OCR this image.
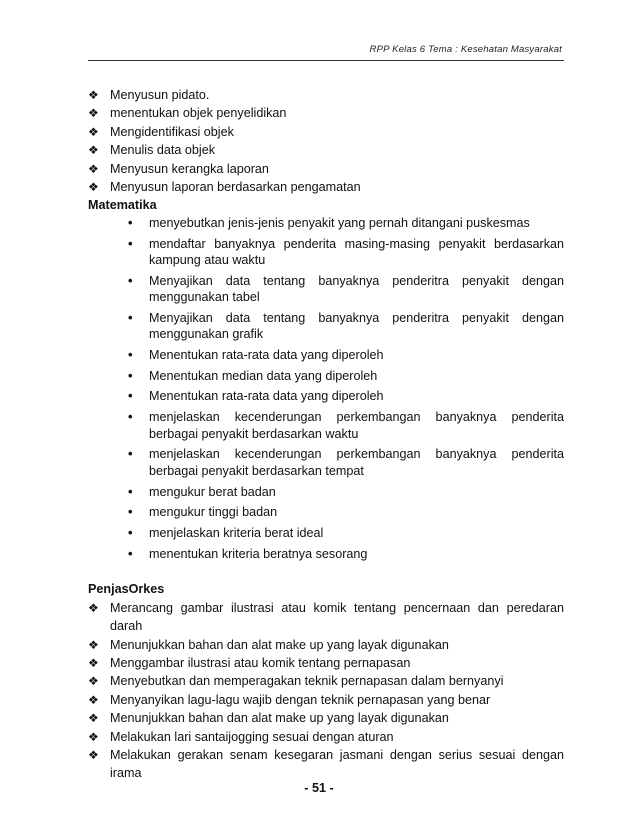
RPP Kelas 6 Tema : Kesehatan Masyarakat
❖ Menyusun pidato.
❖ menentukan objek penyelidikan
❖ Mengidentifikasi objek
❖ Menulis data objek
❖ Menyusun kerangka laporan
❖ Menyusun laporan berdasarkan pengamatan
Matematika
• menyebutkan jenis-jenis penyakit yang pernah ditangani puskesmas
• mendaftar banyaknya penderita masing-masing penyakit berdasarkan kampung atau waktu
• Menyajikan data tentang banyaknya penderitra penyakit dengan menggunakan tabel
• Menyajikan data tentang banyaknya penderitra penyakit dengan menggunakan grafik
• Menentukan rata-rata data yang diperoleh
• Menentukan median data yang diperoleh
• Menentukan rata-rata data yang diperoleh
• menjelaskan kecenderungan perkembangan banyaknya penderita berbagai penyakit berdasarkan waktu
• menjelaskan kecenderungan perkembangan banyaknya penderita berbagai penyakit berdasarkan tempat
• mengukur berat badan
• mengukur tinggi badan
• menjelaskan kriteria berat ideal
• menentukan kriteria beratnya sesorang
PenjasOrkes
❖ Merancang gambar ilustrasi atau komik tentang pencernaan dan peredaran darah
❖ Menunjukkan bahan dan alat make up yang layak digunakan
❖ Menggambar ilustrasi atau komik tentang pernapasan
❖ Menyebutkan dan memperagakan teknik pernapasan dalam bernyanyi
❖ Menyanyikan lagu-lagu wajib dengan teknik pernapasan yang benar
❖ Menunjukkan bahan dan alat make up yang layak digunakan
❖ Melakukan lari santaijogging sesuai dengan aturan
❖ Melakukan gerakan senam kesegaran jasmani dengan serius sesuai dengan irama
- 51 -
